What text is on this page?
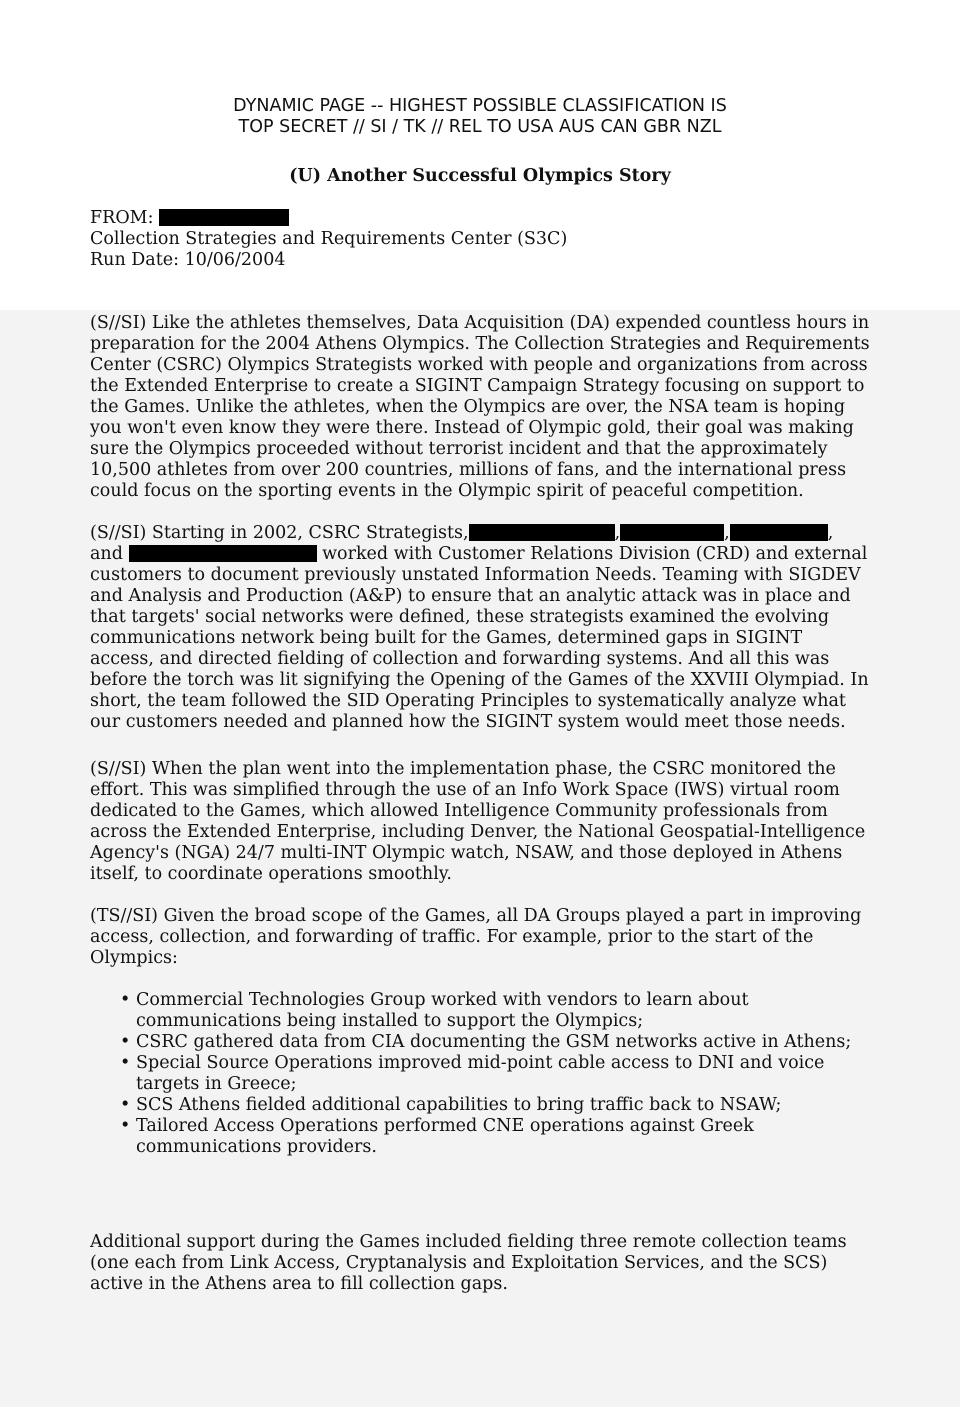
DYNAMIC PAGE -- HIGHEST POSSIBLE CLASSIFICATION IS

TOP SECRET // SI / TK // REL TO USA AUS CAN GBR NZL

(U) Another Successful Olympics Story

FROM:
Collection Strategies and Requirements Center (S3C)
Run Date: 10/06/2004

(S//SI) Like the athletes themselves, Data Acquisition (DA) expended countless hours in preparation for the 2004 Athens Olympics. The Collection Strategies and Requirements Center (CSRC) Olympics Strategists worked with people and organizations from across the Extended Enterprise to create a SIGINT Campaign Strategy focusing on support to the Games. Unlike the athletes, when the Olympics are over, the NSA team is hoping you won't even know they were there. Instead of Olympic gold, their goal was making sure the Olympics proceeded without terrorist incident and that the approximately 10,500 athletes from over 200 countries, millions of fans, and the international press could focus on the sporting events in the Olympic spirit of peaceful competition.

(S//SI) Starting in 2002, CSRC Strategists,	,	,	, and	worked with Customer Relations Division (CRD) and external customers to document previously unstated Information Needs. Teaming with SIGDEV and Analysis and Production (A&P) to ensure that an analytic attack was in place and that targets' social networks were defined, these strategists examined the evolving communications network being built for the Games, determined gaps in SIGINT access, and directed fielding of collection and forwarding systems. And all this was before the torch was lit signifying the Opening of the Games of the XXVIII Olympiad. In short, the team followed the SID Operating Principles to systematically analyze what our customers needed and planned how the SIGINT system would meet those needs.

(S//SI) When the plan went into the implementation phase, the CSRC monitored the effort. This was simplified through the use of an Info Work Space (IWS) virtual room dedicated to the Games, which allowed Intelligence Community professionals from across the Extended Enterprise, including Denver, the National Geospatial-Intelligence Agency's (NGA) 24/7 multi-INT Olympic watch, NSAW, and those deployed in Athens itself, to coordinate operations smoothly.

(TS//SI) Given the broad scope of the Games, all DA Groups played a part in improving access, collection, and forwarding of traffic. For example, prior to the start of the Olympics:

• Commercial Technologies Group worked with vendors to learn about communications being installed to support the Olympics;
• CSRC gathered data from CIA documenting the GSM networks active in Athens;
• Special Source Operations improved mid-point cable access to DNI and voice targets in Greece;
• SCS Athens fielded additional capabilities to bring traffic back to NSAW;
• Tailored Access Operations performed CNE operations against Greek communications providers.

Additional support during the Games included fielding three remote collection teams (one each from Link Access, Cryptanalysis and Exploitation Services, and the SCS) active in the Athens area to fill collection gaps.
